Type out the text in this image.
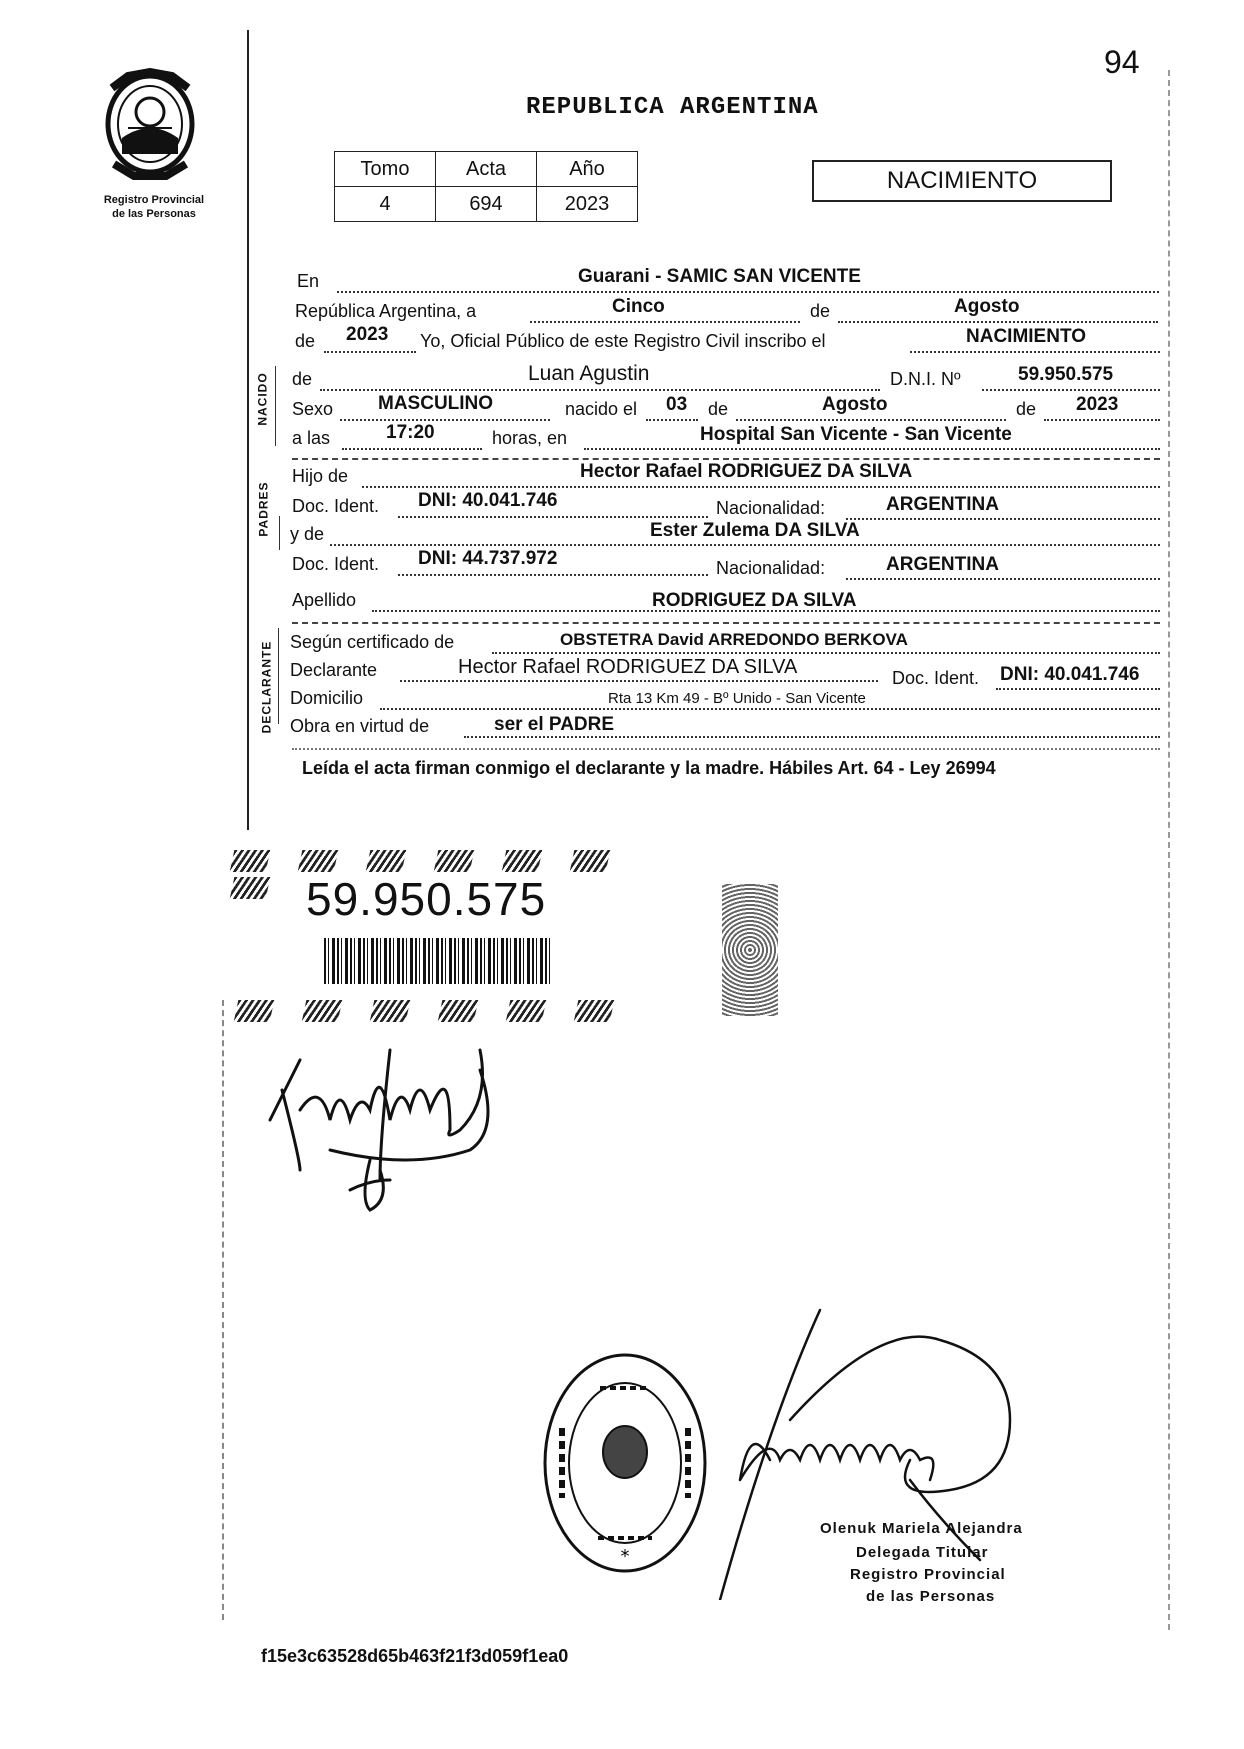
94
Registro Provincial
de las Personas
REPUBLICA ARGENTINA
Tomo	Acta	Año
4	694	2023
NACIMIENTO
NACIDO
PADRES
DECLARANTE
En	Guarani - SAMIC SAN VICENTE
República Argentina, a	Cinco	de	Agosto
de 2023 Yo, Oficial Público de este Registro Civil inscribo el	NACIMIENTO
de	Luan Agustin	D.N.I. Nº	59.950.575
Sexo MASCULINO	nacido el 03 de	Agosto	de 2023
a las	17:20	horas, en	Hospital San Vicente - San Vicente
Hijo de	Hector Rafael RODRIGUEZ DA SILVA
Doc. Ident. DNI: 40.041.746	Nacionalidad:	ARGENTINA
y de	Ester Zulema DA SILVA
Doc. Ident. DNI: 44.737.972	Nacionalidad:	ARGENTINA
Apellido	RODRIGUEZ DA SILVA
Según certificado de	OBSTETRA David ARREDONDO BERKOVA
Declarante	Hector Rafael RODRIGUEZ DA SILVA	Doc. Ident. DNI: 40.041.746
Domicilio	Rta 13 Km 49 - Bº Unido - San Vicente
Obra en virtud de	ser el PADRE
Leída el acta firman conmigo el declarante y la madre. Hábiles Art. 64 - Ley 26994
59.950.575
*
Olenuk Mariela Alejandra
Delegada Titular
Registro Provincial
de las Personas
f15e3c63528d65b463f21f3d059f1ea0
